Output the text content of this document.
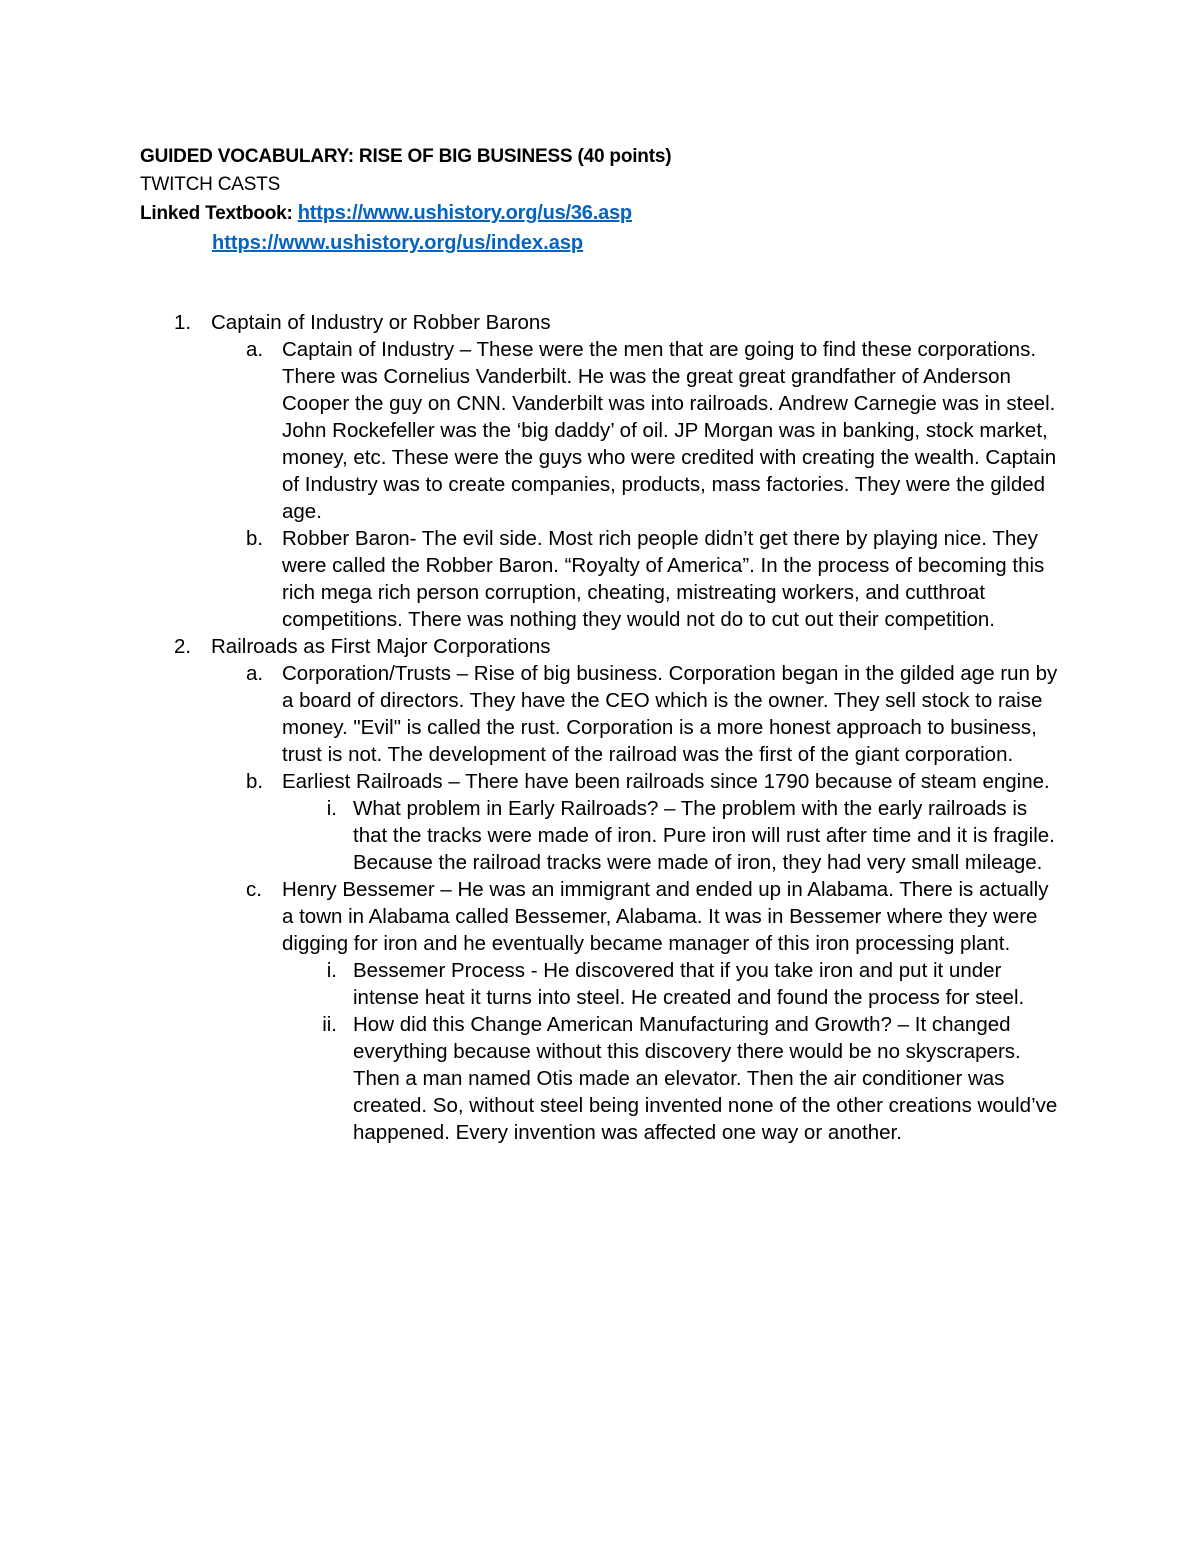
GUIDED VOCABULARY: RISE OF BIG BUSINESS (40 points)
TWITCH CASTS
Linked Textbook: https://www.ushistory.org/us/36.asp
https://www.ushistory.org/us/index.asp
1. Captain of Industry or Robber Barons
a. Captain of Industry – These were the men that are going to find these corporations. There was Cornelius Vanderbilt. He was the great great grandfather of Anderson Cooper the guy on CNN. Vanderbilt was into railroads. Andrew Carnegie was in steel. John Rockefeller was the ‘big daddy’ of oil. JP Morgan was in banking, stock market, money, etc. These were the guys who were credited with creating the wealth. Captain of Industry was to create companies, products, mass factories. They were the gilded age.
b. Robber Baron- The evil side. Most rich people didn’t get there by playing nice. They were called the Robber Baron. “Royalty of America”. In the process of becoming this rich mega rich person corruption, cheating, mistreating workers, and cutthroat competitions. There was nothing they would not do to cut out their competition.
2. Railroads as First Major Corporations
a. Corporation/Trusts – Rise of big business. Corporation began in the gilded age run by a board of directors. They have the CEO which is the owner. They sell stock to raise money. "Evil" is called the rust. Corporation is a more honest approach to business, trust is not. The development of the railroad was the first of the giant corporation.
b. Earliest Railroads – There have been railroads since 1790 because of steam engine.
i. What problem in Early Railroads? – The problem with the early railroads is that the tracks were made of iron. Pure iron will rust after time and it is fragile. Because the railroad tracks were made of iron, they had very small mileage.
c. Henry Bessemer – He was an immigrant and ended up in Alabama. There is actually a town in Alabama called Bessemer, Alabama. It was in Bessemer where they were digging for iron and he eventually became manager of this iron processing plant.
i. Bessemer Process - He discovered that if you take iron and put it under intense heat it turns into steel. He created and found the process for steel.
ii. How did this Change American Manufacturing and Growth? – It changed everything because without this discovery there would be no skyscrapers. Then a man named Otis made an elevator. Then the air conditioner was created. So, without steel being invented none of the other creations would’ve happened. Every invention was affected one way or another.
